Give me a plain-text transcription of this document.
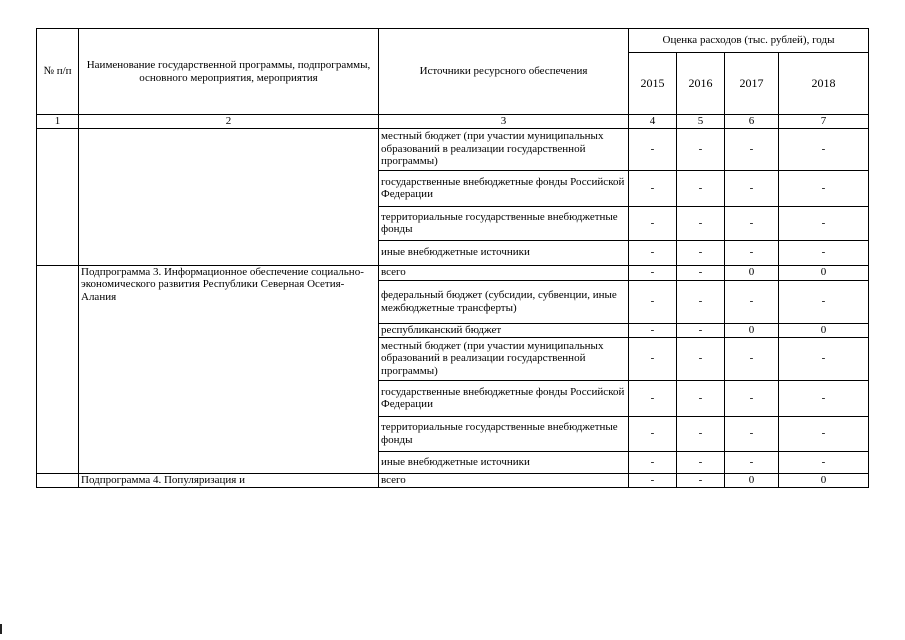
№ п/п	Наименование государственной программы, подпрограммы, основного мероприятия, мероприятия	Источники ресурсного обеспечения	Оценка расходов (тыс. рублей), годы			
			2015	2016	2017	2018
1	2	3	4	5	6	7
		местный бюджет (при участии муниципальных образований в реализации государственной программы)	-	-	-	-
		государственные внебюджетные фонды Российской Федерации	-	-	-	-
		территориальные государственные внебюджетные фонды	-	-	-	-
		иные внебюджетные источники	-	-	-	-
	Подпрограмма 3. Информационное обеспечение социально-экономического развития Республики Северная Осетия-Алания	всего	-	-	0	0
		федеральный бюджет (субсидии, субвенции, иные межбюджетные трансферты)	-	-	-	-
		республиканский бюджет	-	-	0	0
		местный бюджет (при участии муниципальных образований в реализации государственной программы)	-	-	-	-
		государственные внебюджетные фонды Российской Федерации	-	-	-	-
		территориальные государственные внебюджетные фонды	-	-	-	-
		иные внебюджетные источники	-	-	-	-
	Подпрограмма 4. Популяризация и	всего	-	-	0	0
